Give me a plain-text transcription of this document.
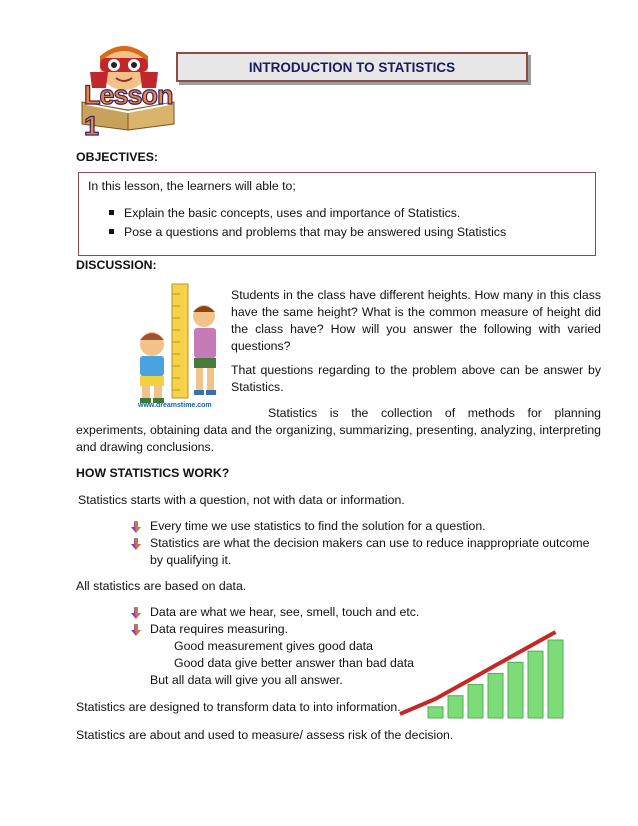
Lesson 1
INTRODUCTION TO STATISTICS
OBJECTIVES:
In this lesson, the learners will able to;
Explain the basic concepts, uses and importance of Statistics.
Pose a questions and problems that may be answered using Statistics
DISCUSSION:
www.dreamstime.com
Students in the class have different heights. How many in this class have the same height? What is the common measure of height did the class have? How will you answer the following with varied questions?
That questions regarding to the problem above can be answer by Statistics.
Statistics is the collection of methods for planning
experiments, obtaining data and the organizing, summarizing, presenting, analyzing, interpreting and drawing conclusions.
HOW STATISTICS WORK?
Statistics starts with a question, not with data or information.
Every time we use statistics to find the solution for a question.
Statistics are what the decision makers can use to reduce inappropriate outcome by qualifying it.
All statistics are based on data.
Data are what we hear, see, smell, touch and etc.
Data requires measuring.
Good measurement gives good data
Good data give better answer than bad data
But all data will give you all answer.
Statistics are designed to transform data to into information.
Statistics are about and used to measure/ assess risk of the decision.
